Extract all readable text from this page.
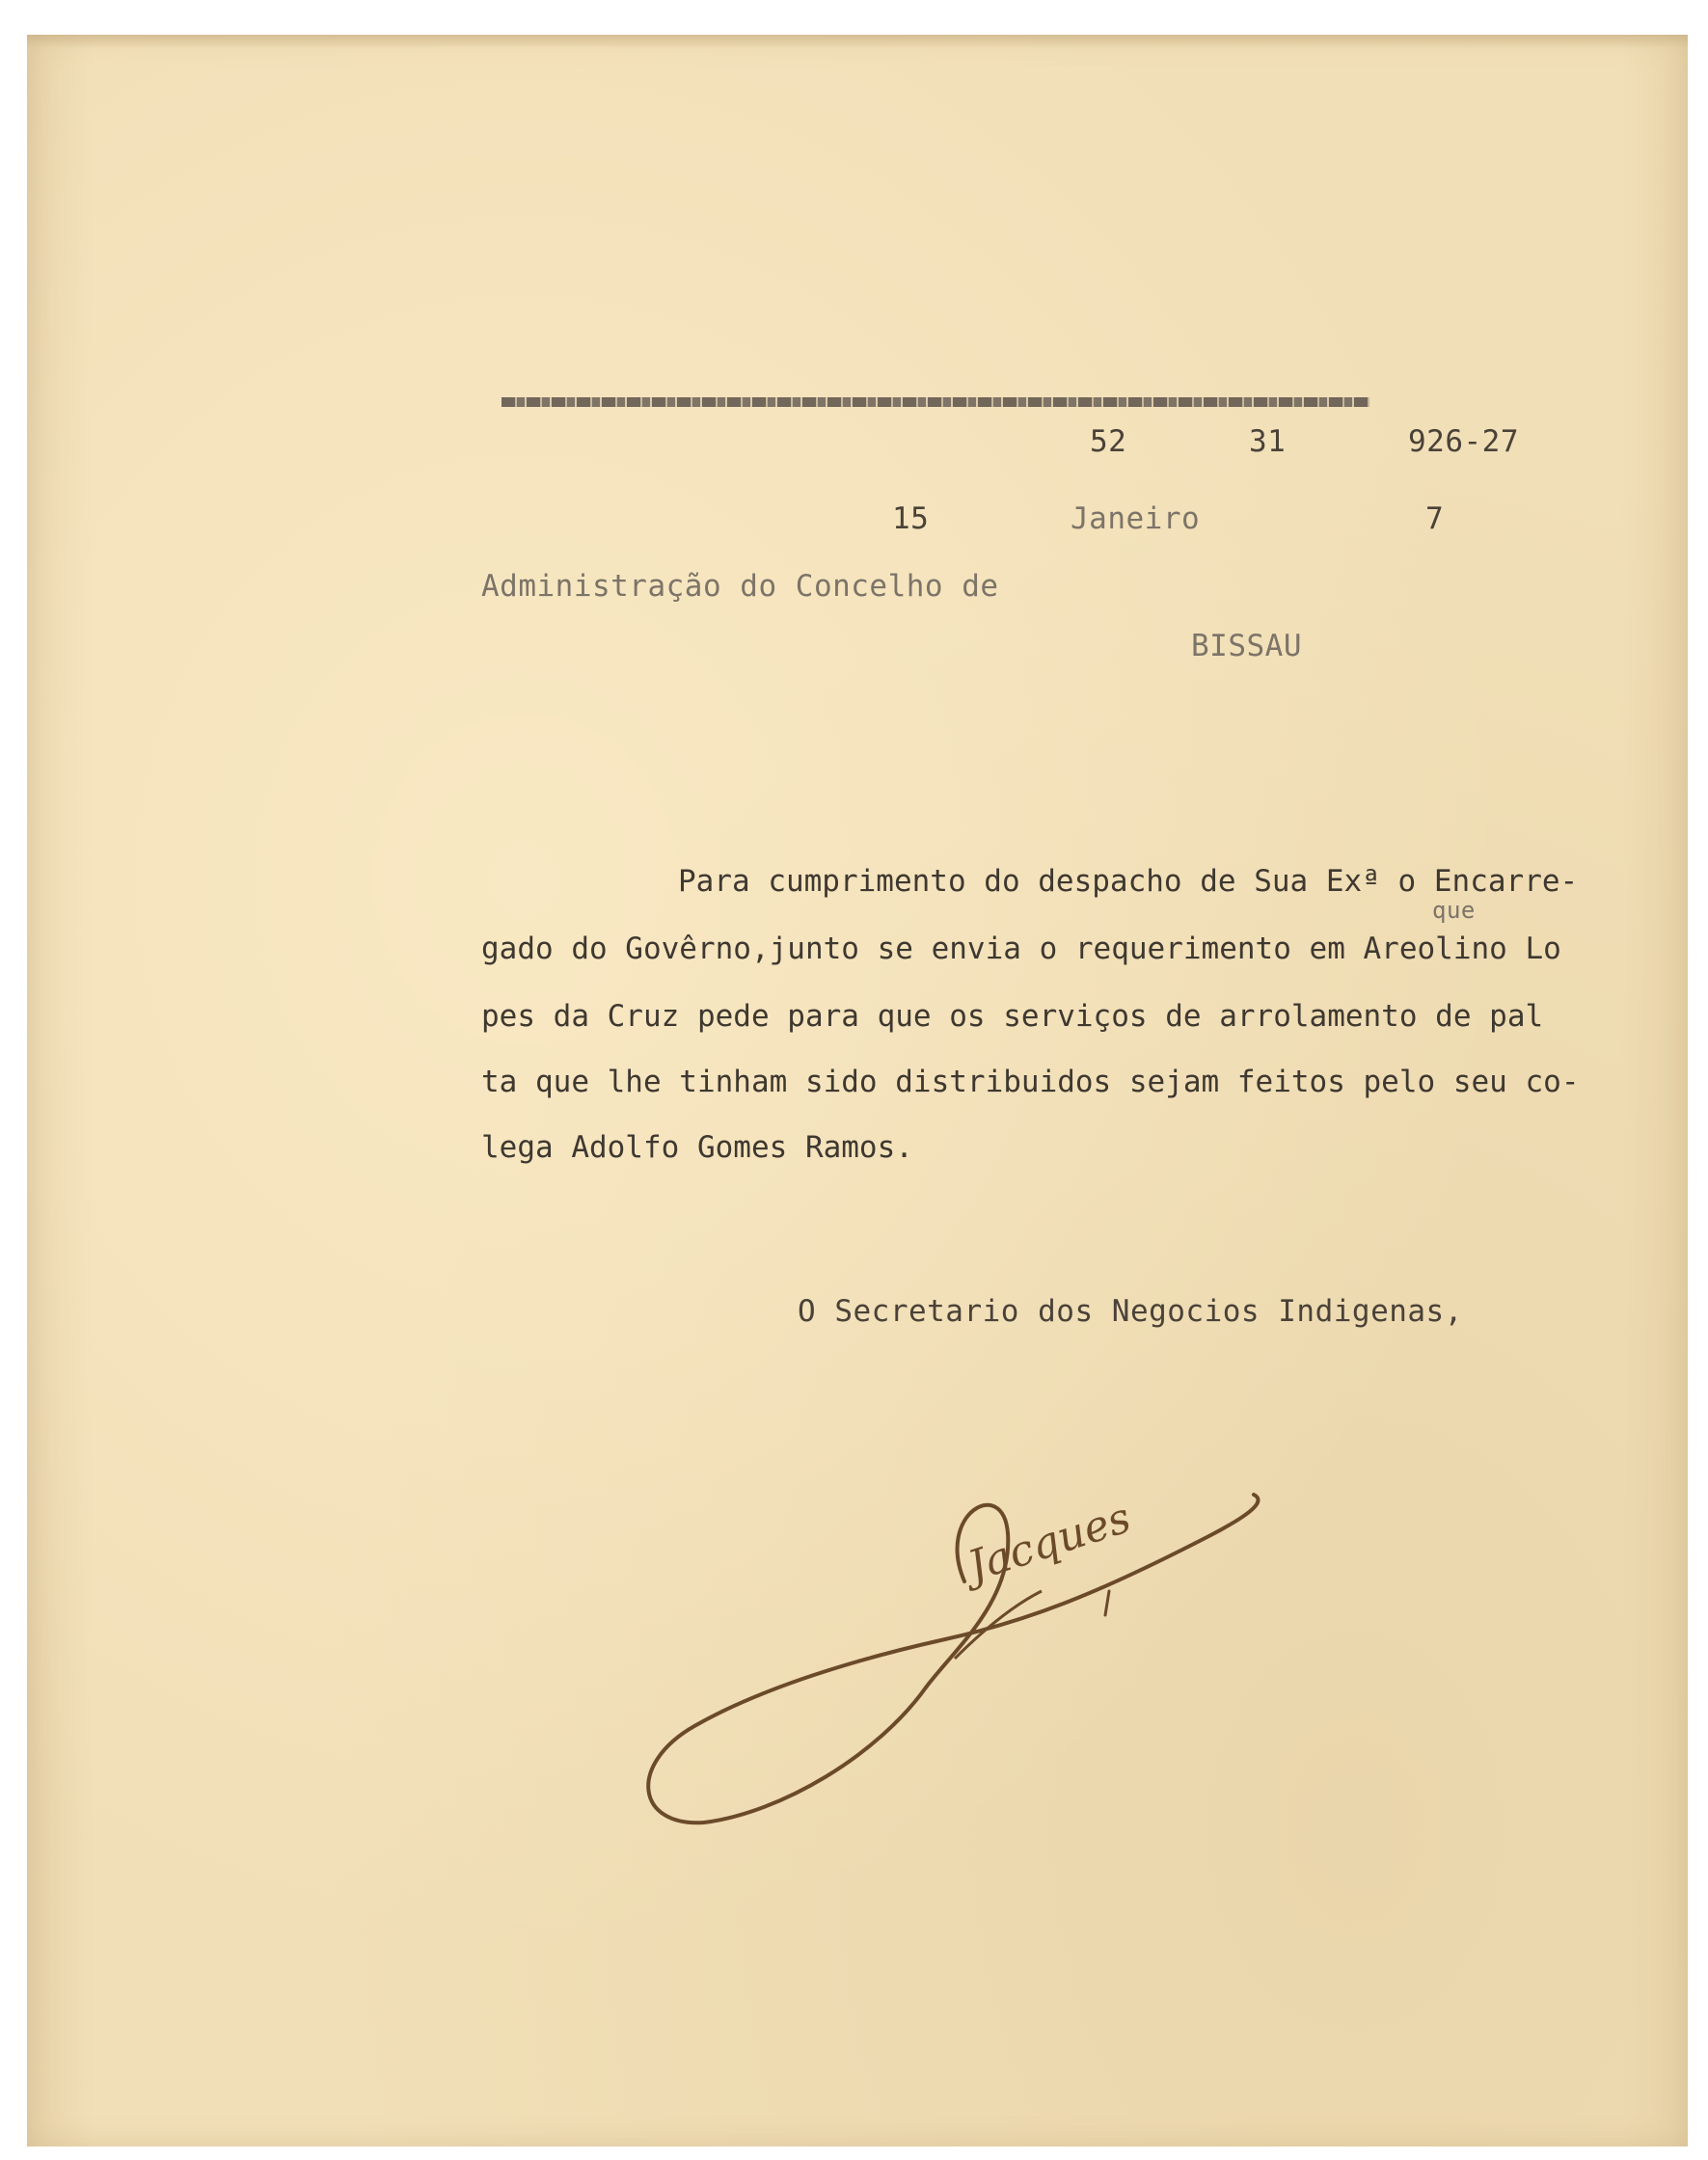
52	31	926-27
15	Janeiro	7
Administração do Concelho de
BISSAU
que
Para cumprimento do despacho de Sua Exª o Encarre-
gado do Govêrno,junto se envia o requerimento em Areolino Lo
pes da Cruz pede para que os serviços de arrolamento de pal
ta que lhe tinham sido distribuidos sejam feitos pelo seu co-
lega Adolfo Gomes Ramos.
O Secretario dos Negocios Indigenas,
Jacques
